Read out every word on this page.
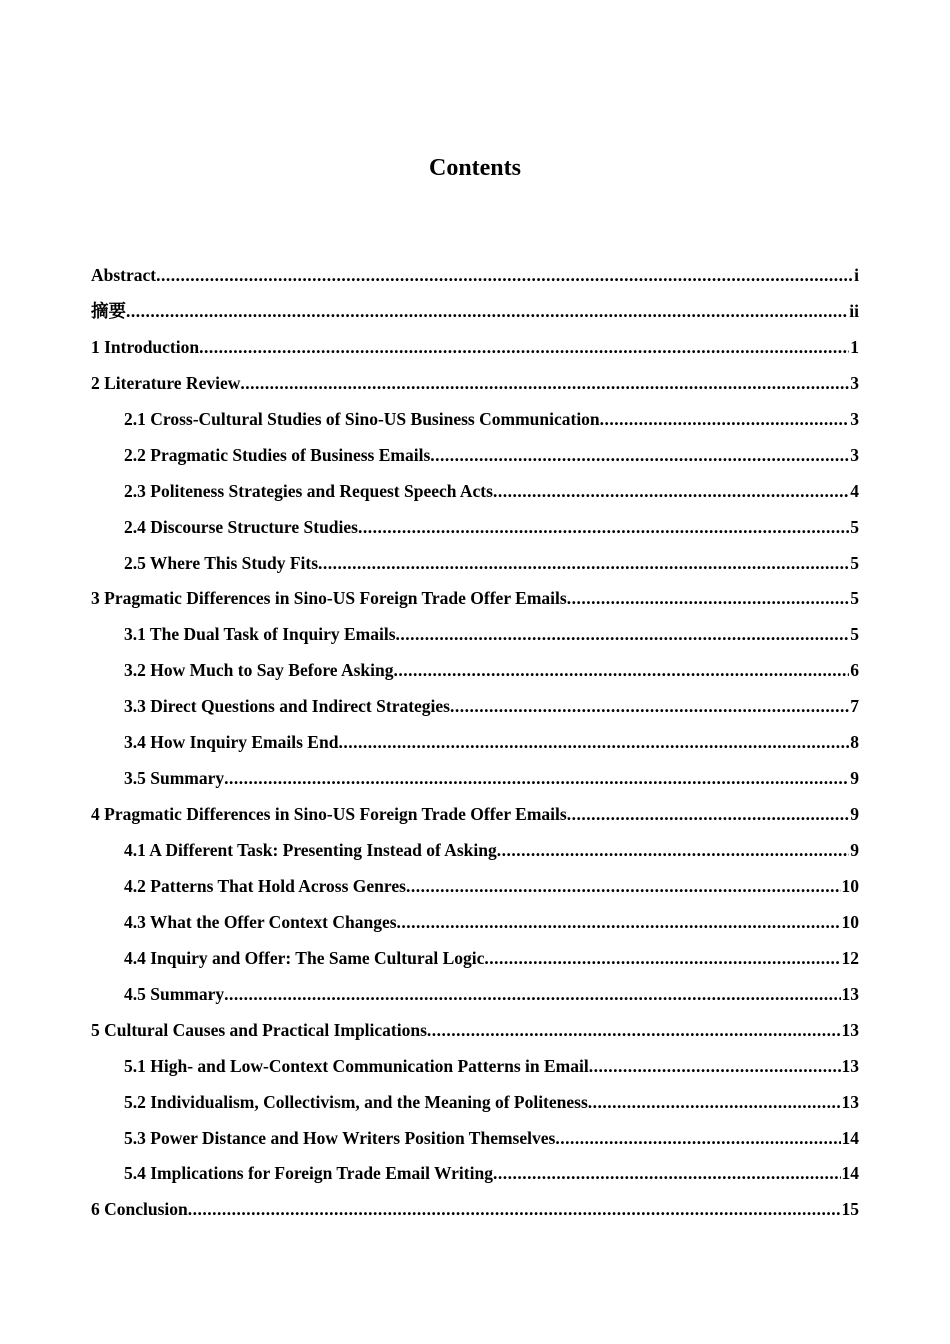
Contents
Abstract .....	i
摘要 .....	ii
1 Introduction .....	1
2 Literature Review .....	3
2.1 Cross-Cultural Studies of Sino-US Business Communication .....	3
2.2 Pragmatic Studies of Business Emails .....	3
2.3 Politeness Strategies and Request Speech Acts .....	4
2.4 Discourse Structure Studies .....	5
2.5 Where This Study Fits .....	5
3 Pragmatic Differences in Sino-US Foreign Trade Offer Emails .....	5
3.1 The Dual Task of Inquiry Emails .....	5
3.2 How Much to Say Before Asking .....	6
3.3 Direct Questions and Indirect Strategies .....	7
3.4 How Inquiry Emails End .....	8
3.5 Summary .....	9
4 Pragmatic Differences in Sino-US Foreign Trade Offer Emails .....	9
4.1 A Different Task: Presenting Instead of Asking .....	9
4.2 Patterns That Hold Across Genres .....	10
4.3 What the Offer Context Changes .....	10
4.4 Inquiry and Offer: The Same Cultural Logic .....	12
4.5 Summary .....	13
5 Cultural Causes and Practical Implications .....	13
5.1 High- and Low-Context Communication Patterns in Email .....	13
5.2 Individualism, Collectivism, and the Meaning of Politeness .....	13
5.3 Power Distance and How Writers Position Themselves .....	14
5.4 Implications for Foreign Trade Email Writing .....	14
6 Conclusion .....	15
